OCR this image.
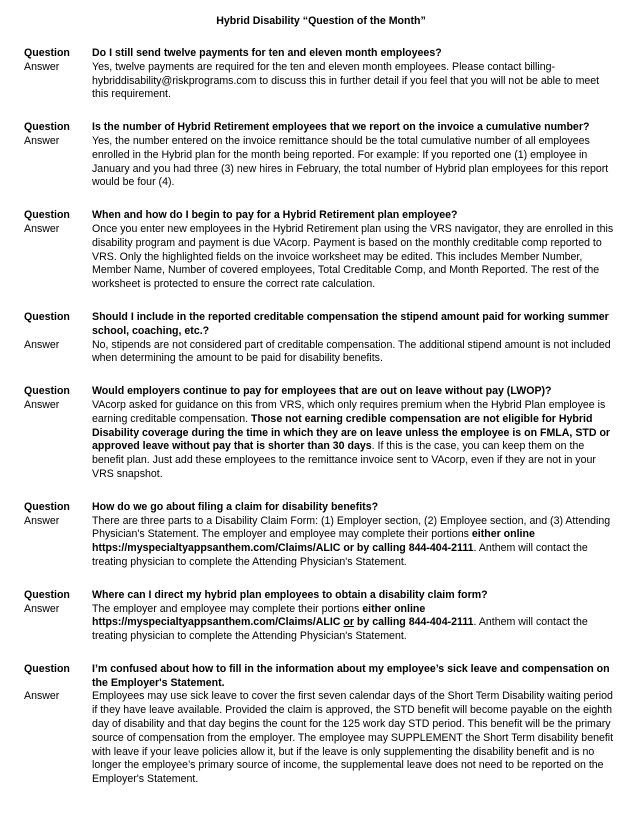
Hybrid Disability “Question of the Month”
Question	Do I still send twelve payments for ten and eleven month employees?
Answer	Yes, twelve payments are required for the ten and eleven month employees. Please contact billing-hybriddisability@riskprograms.com to discuss this in further detail if you feel that you will not be able to meet this requirement.
Question	Is the number of Hybrid Retirement employees that we report on the invoice a cumulative number?
Answer	Yes, the number entered on the invoice remittance should be the total cumulative number of all employees enrolled in the Hybrid plan for the month being reported. For example: If you reported one (1) employee in January and you had three (3) new hires in February, the total number of Hybrid plan employees for this report would be four (4).
Question	When and how do I begin to pay for a Hybrid Retirement plan employee?
Answer	Once you enter new employees in the Hybrid Retirement plan using the VRS navigator, they are enrolled in this disability program and payment is due VAcorp. Payment is based on the monthly creditable comp reported to VRS. Only the highlighted fields on the invoice worksheet may be edited. This includes Member Number, Member Name, Number of covered employees, Total Creditable Comp, and Month Reported. The rest of the worksheet is protected to ensure the correct rate calculation.
Question	Should I include in the reported creditable compensation the stipend amount paid for working summer school, coaching, etc.?
Answer	No, stipends are not considered part of creditable compensation. The additional stipend amount is not included when determining the amount to be paid for disability benefits.
Question	Would employers continue to pay for employees that are out on leave without pay (LWOP)?
Answer	VAcorp asked for guidance on this from VRS, which only requires premium when the Hybrid Plan employee is earning creditable compensation. Those not earning credible compensation are not eligible for Hybrid Disability coverage during the time in which they are on leave unless the employee is on FMLA, STD or approved leave without pay that is shorter than 30 days. If this is the case, you can keep them on the benefit plan. Just add these employees to the remittance invoice sent to VAcorp, even if they are not in your VRS snapshot.
Question	How do we go about filing a claim for disability benefits?
Answer	There are three parts to a Disability Claim Form: (1) Employer section, (2) Employee section, and (3) Attending Physician's Statement. The employer and employee may complete their portions either online https://myspecialtyappsanthem.com/Claims/ALIC or by calling 844-404-2111. Anthem will contact the treating physician to complete the Attending Physician's Statement.
Question	Where can I direct my hybrid plan employees to obtain a disability claim form?
Answer	The employer and employee may complete their portions either online https://myspecialtyappsanthem.com/Claims/ALIC or by calling 844-404-2111. Anthem will contact the treating physician to complete the Attending Physician's Statement.
Question	I’m confused about how to fill in the information about my employee’s sick leave and compensation on the Employer's Statement.
Answer	Employees may use sick leave to cover the first seven calendar days of the Short Term Disability waiting period if they have leave available. Provided the claim is approved, the STD benefit will become payable on the eighth day of disability and that day begins the count for the 125 work day STD period. This benefit will be the primary source of compensation from the employer. The employee may SUPPLEMENT the Short Term disability benefit with leave if your leave policies allow it, but if the leave is only supplementing the disability benefit and is no longer the employee’s primary source of income, the supplemental leave does not need to be reported on the Employer's Statement.
